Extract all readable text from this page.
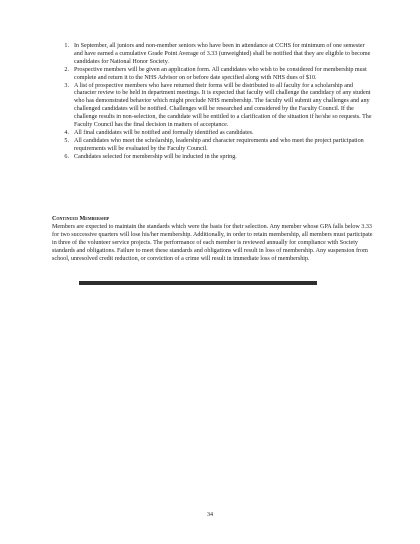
1. In September, all juniors and non-member seniors who have been in attendance at CCHS for minimum of one semester and have earned a cumulative Grade Point Average of 3.33 (unweighted) shall be notified that they are eligible to become candidates for National Honor Society.
2. Prospective members will be given an application form. All candidates who wish to be considered for membership must complete and return it to the NHS Advisor on or before date specified along with NHS dues of $10.
3. A list of prospective members who have returned their forms will be distributed to all faculty for a scholarship and character review to be held in department meetings. It is expected that faculty will challenge the candidacy of any student who has demonstrated behavior which might preclude NHS membership. The faculty will submit any challenges and any challenged candidates will be notified. Challenges will be researched and considered by the Faculty Council. If the challenge results in non-selection, the candidate will be entitled to a clarification of the situation if he/she so requests. The Faculty Council has the final decision in matters of acceptance.
4. All final candidates will be notified and formally identified as candidates.
5. All candidates who meet the scholarship, leadership and character requirements and who meet the project participation requirements will be evaluated by the Faculty Council.
6. Candidates selected for membership will be inducted in the spring.
Continued Membership

Members are expected to maintain the standards which were the basis for their selection. Any member whose GPA falls below 3.33 for two successive quarters will lose his/her membership. Additionally, in order to retain membership, all members must participate in three of the volunteer service projects. The performance of each member is reviewed annually for compliance with Society standards and obligations. Failure to meet these standards and obligations will result in loss of membership. Any suspension from school, unresolved credit reduction, or conviction of a crime will result in immediate loss of membership.

34
